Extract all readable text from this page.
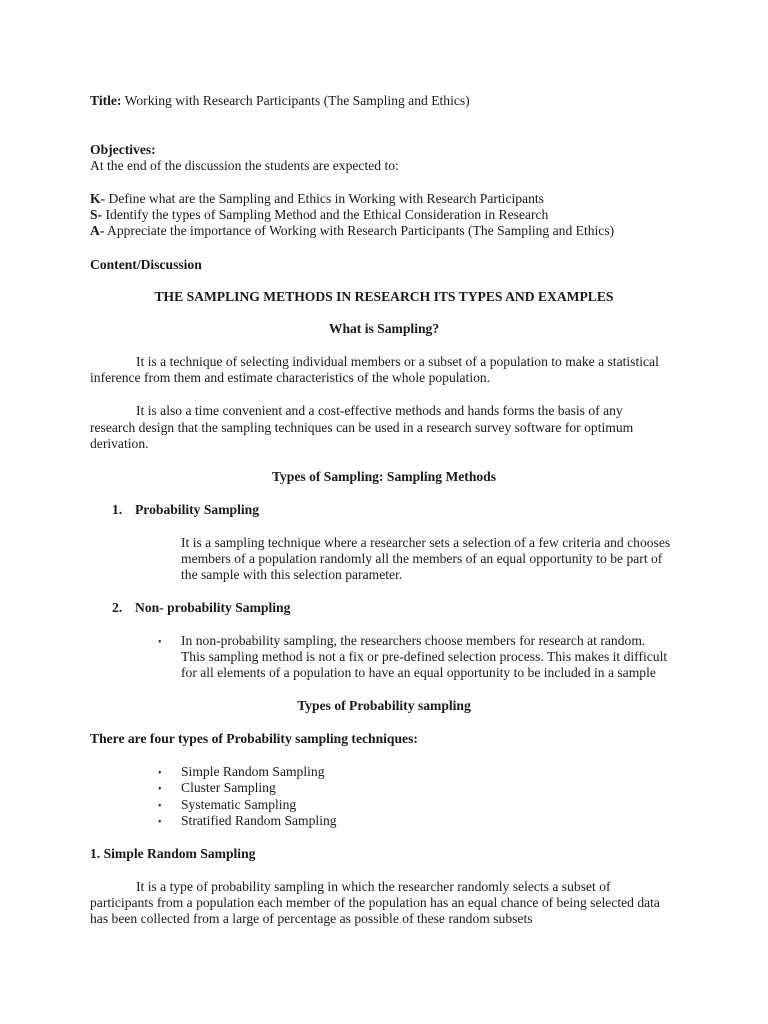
Title: Working with Research Participants (The Sampling and Ethics)
Objectives:
At the end of the discussion the students are expected to:
K- Define what are the Sampling and Ethics in Working with Research Participants
S- Identify the types of Sampling Method and the Ethical Consideration in Research
A- Appreciate the importance of Working with Research Participants (The Sampling and Ethics)
Content/Discussion
THE SAMPLING METHODS IN RESEARCH ITS TYPES AND EXAMPLES
What is Sampling?
It is a technique of selecting individual members or a subset of a population to make a statistical
inference from them and estimate characteristics of the whole population.
It is also a time convenient and a cost-effective methods and hands forms the basis of any
research design that the sampling techniques can be used in a research survey software for optimum
derivation.
Types of Sampling: Sampling Methods
1. Probability Sampling
It is a sampling technique where a researcher sets a selection of a few criteria and chooses
members of a population randomly all the members of an equal opportunity to be part of
the sample with this selection parameter.
2. Non- probability Sampling
•	In non-probability sampling, the researchers choose members for research at random.
This sampling method is not a fix or pre-defined selection process. This makes it difficult
for all elements of a population to have an equal opportunity to be included in a sample
Types of Probability sampling
There are four types of Probability sampling techniques:
• Simple Random Sampling
• Cluster Sampling
• Systematic Sampling
• Stratified Random Sampling
1. Simple Random Sampling
It is a type of probability sampling in which the researcher randomly selects a subset of
participants from a population each member of the population has an equal chance of being selected data
has been collected from a large of percentage as possible of these random subsets
